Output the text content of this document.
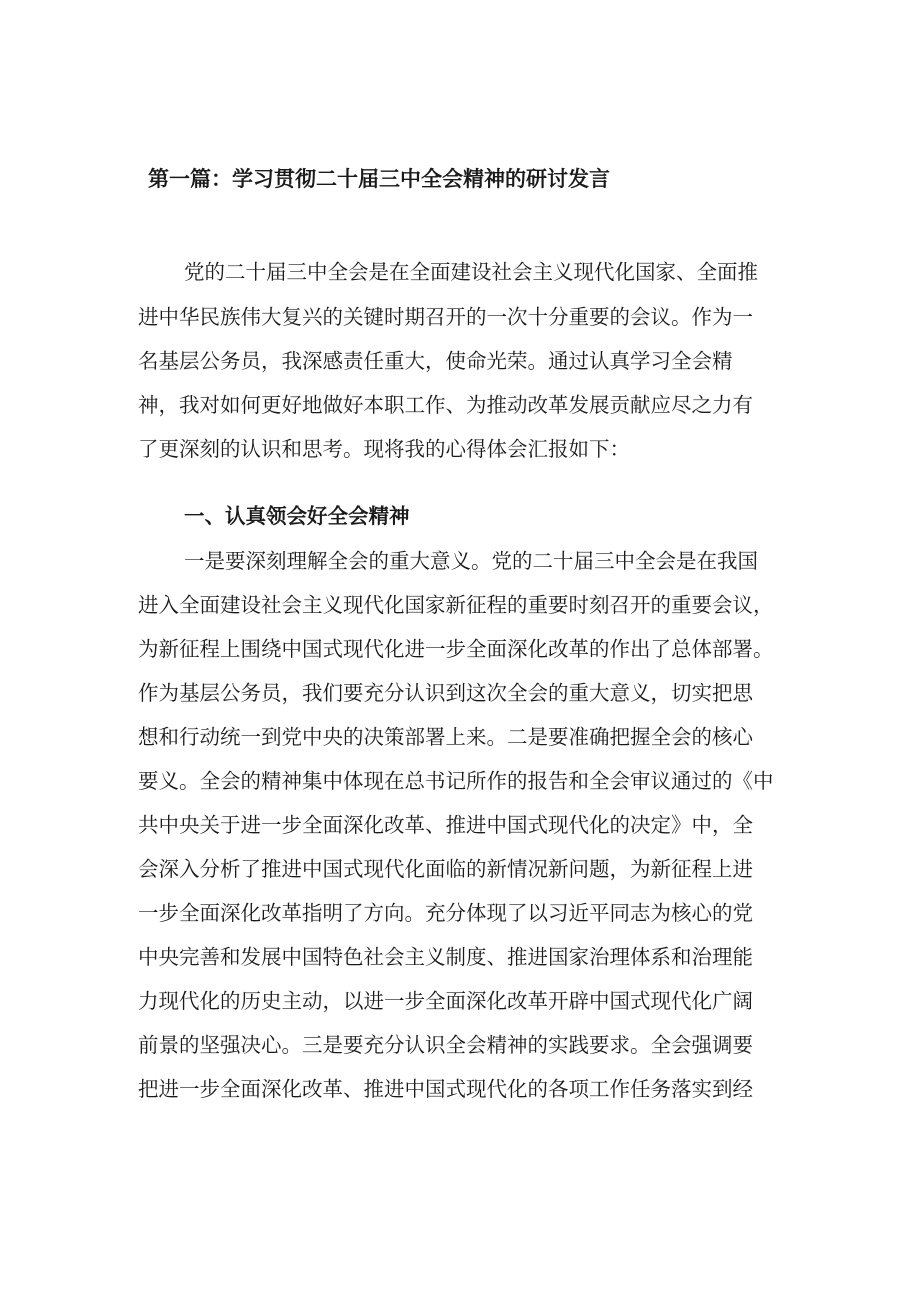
第一篇：学习贯彻二十届三中全会精神的研讨发言

党的二十届三中全会是在全面建设社会主义现代化国家、全面推

进中华民族伟大复兴的关键时期召开的一次十分重要的会议。作为一

名基层公务员，我深感责任重大，使命光荣。通过认真学习全会精

神，我对如何更好地做好本职工作、为推动改革发展贡献应尽之力有

了更深刻的认识和思考。现将我的心得体会汇报如下：

一、认真领会好全会精神

一是要深刻理解全会的重大意义。党的二十届三中全会是在我国

进入全面建设社会主义现代化国家新征程的重要时刻召开的重要会议，

为新征程上围绕中国式现代化进一步全面深化改革的作出了总体部署。

作为基层公务员，我们要充分认识到这次全会的重大意义，切实把思

想和行动统一到党中央的决策部署上来。二是要准确把握全会的核心

要义。全会的精神集中体现在总书记所作的报告和全会审议通过的《中

共中央关于进一步全面深化改革、推进中国式现代化的决定》中，全

会深入分析了推进中国式现代化面临的新情况新问题，为新征程上进

一步全面深化改革指明了方向。充分体现了以习近平同志为核心的党

中央完善和发展中国特色社会主义制度、推进国家治理体系和治理能

力现代化的历史主动，以进一步全面深化改革开辟中国式现代化广阔

前景的坚强决心。三是要充分认识全会精神的实践要求。全会强调要

把进一步全面深化改革、推进中国式现代化的各项工作任务落实到经
